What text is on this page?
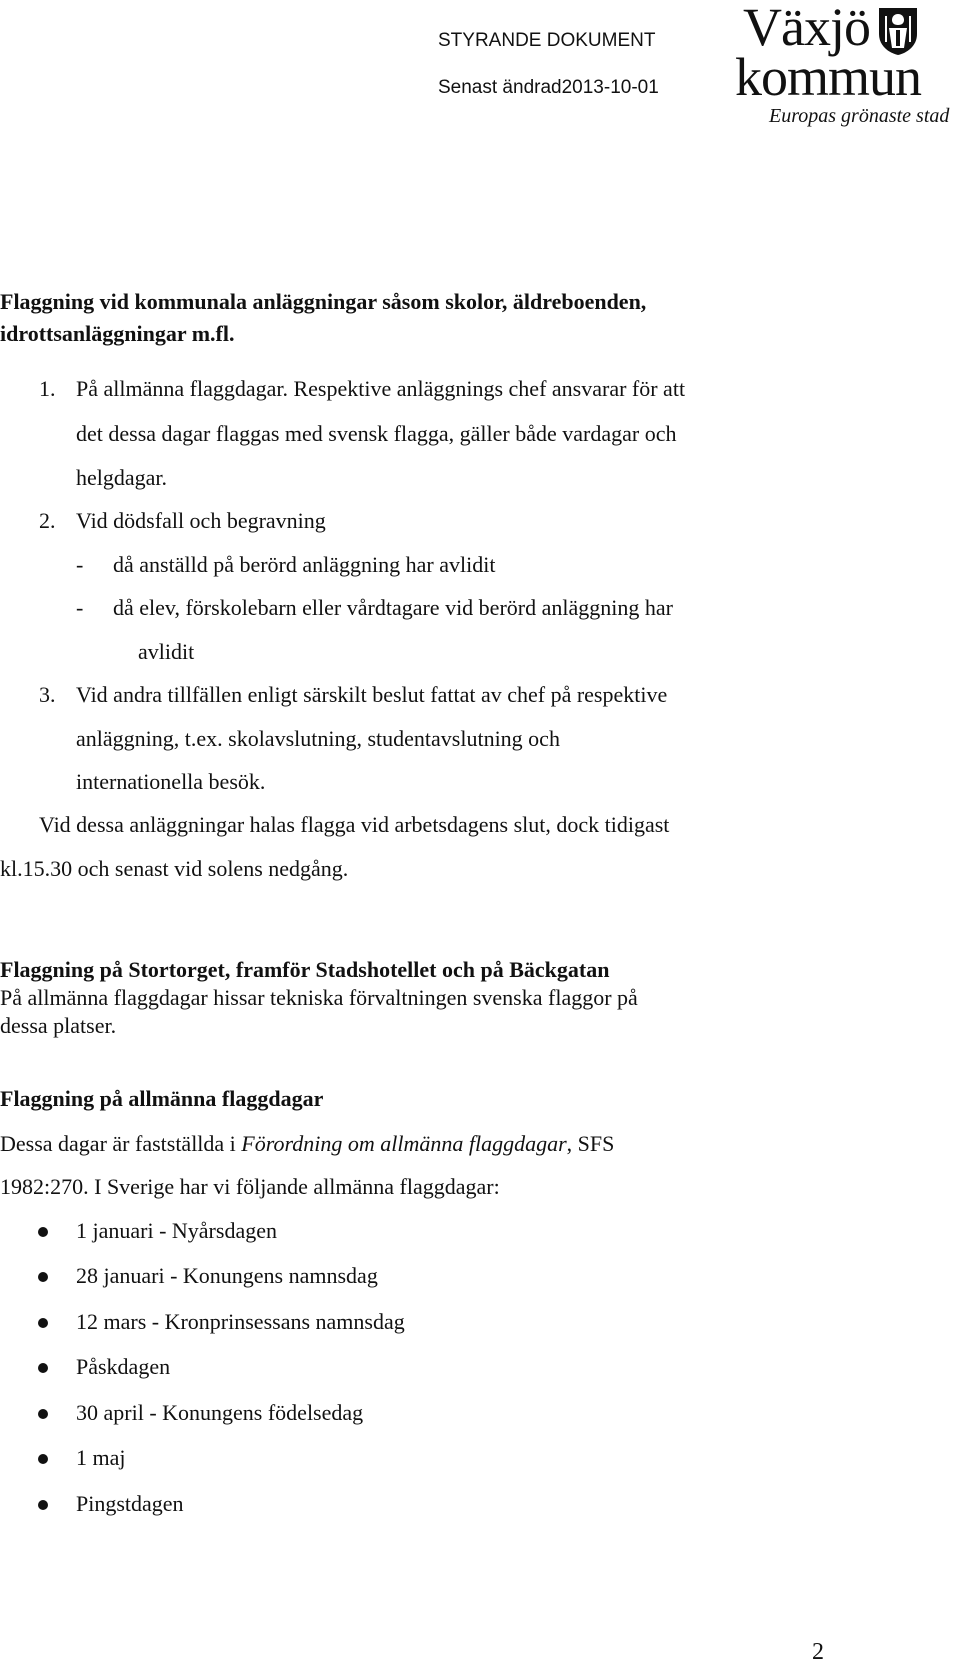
STYRANDE DOKUMENT
Senast ändrad2013-10-01
Växjö
kommun
Europas grönaste stad
Flaggning vid kommunala anläggningar såsom skolor, äldreboenden,
idrottsanläggningar m.fl.
1. På allmänna flaggdagar. Respektive anläggnings chef ansvarar för att
det dessa dagar flaggas med svensk flagga, gäller både vardagar och
helgdagar.
2. Vid dödsfall och begravning
- då anställd på berörd anläggning har avlidit
- då elev, förskolebarn eller vårdtagare vid berörd anläggning har
avlidit
3. Vid andra tillfällen enligt särskilt beslut fattat av chef på respektive
anläggning, t.ex. skolavslutning, studentavslutning och
internationella besök.
Vid dessa anläggningar halas flagga vid arbetsdagens slut, dock tidigast
kl.15.30 och senast vid solens nedgång.
Flaggning på Stortorget, framför Stadshotellet och på Bäckgatan
På allmänna flaggdagar hissar tekniska förvaltningen svenska flaggor på
dessa platser.
Flaggning på allmänna flaggdagar
Dessa dagar är fastställda i Förordning om allmänna flaggdagar, SFS
1982:270. I Sverige har vi följande allmänna flaggdagar:
1 januari - Nyårsdagen
28 januari - Konungens namnsdag
12 mars - Kronprinsessans namnsdag
Påskdagen
30 april - Konungens födelsedag
1 maj
Pingstdagen
2
